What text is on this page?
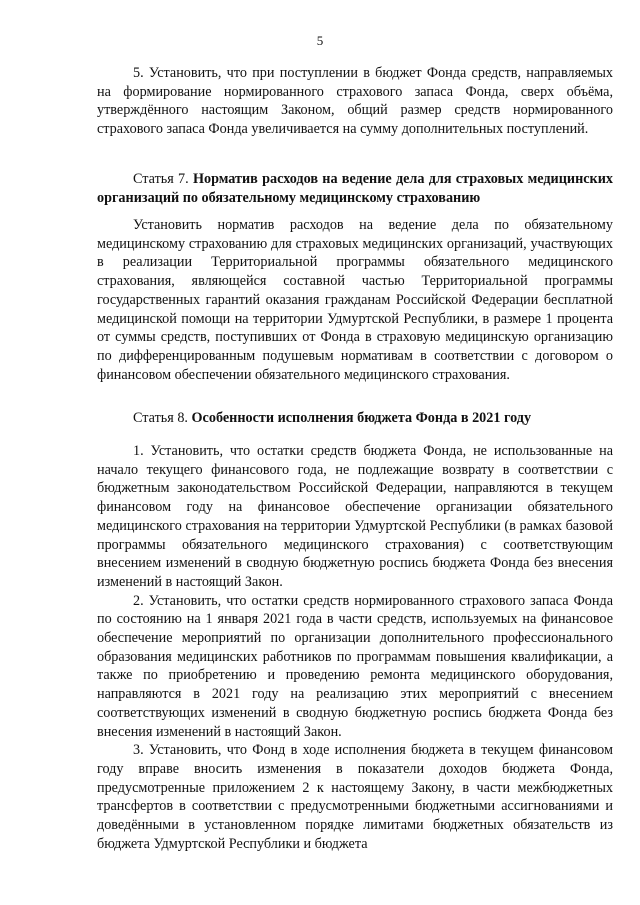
5

5. Установить, что при поступлении в бюджет Фонда средств, направляемых на формирование нормированного страхового запаса Фонда, сверх объёма, утверждённого настоящим Законом, общий размер средств нормированного страхового запаса Фонда увеличивается на сумму дополнительных поступлений.

Статья 7. Норматив расходов на ведение дела для страховых медицинских организаций по обязательному медицинскому страхованию

Установить норматив расходов на ведение дела по обязательному медицинскому страхованию для страховых медицинских организаций, участвующих в реализации Территориальной программы обязательного медицинского страхования, являющейся составной частью Территориальной программы государственных гарантий оказания гражданам Российской Федерации бесплатной медицинской помощи на территории Удмуртской Республики, в размере 1 процента от суммы средств, поступивших от Фонда в страховую медицинскую организацию по дифференцированным подушевым нормативам в соответствии с договором о финансовом обеспечении обязательного медицинского страхования.

Статья 8. Особенности исполнения бюджета Фонда в 2021 году

1. Установить, что остатки средств бюджета Фонда, не использованные на начало текущего финансового года, не подлежащие возврату в соответствии с бюджетным законодательством Российской Федерации, направляются в текущем финансовом году на финансовое обеспечение организации обязательного медицинского страхования на территории Удмуртской Республики (в рамках базовой программы обязательного медицинского страхования) с соответствующим внесением изменений в сводную бюджетную роспись бюджета Фонда без внесения изменений в настоящий Закон.

2. Установить, что остатки средств нормированного страхового запаса Фонда по состоянию на 1 января 2021 года в части средств, используемых на финансовое обеспечение мероприятий по организации дополнительного профессионального образования медицинских работников по программам повышения квалификации, а также по приобретению и проведению ремонта медицинского оборудования, направляются в 2021 году на реализацию этих мероприятий с внесением соответствующих изменений в сводную бюджетную роспись бюджета Фонда без внесения изменений в настоящий Закон.

3. Установить, что Фонд в ходе исполнения бюджета в текущем финансовом году вправе вносить изменения в показатели доходов бюджета Фонда, предусмотренные приложением 2 к настоящему Закону, в части межбюджетных трансфертов в соответствии с предусмотренными бюджетными ассигнованиями и доведёнными в установленном порядке лимитами бюджетных обязательств из бюджета Удмуртской Республики и бюджета
